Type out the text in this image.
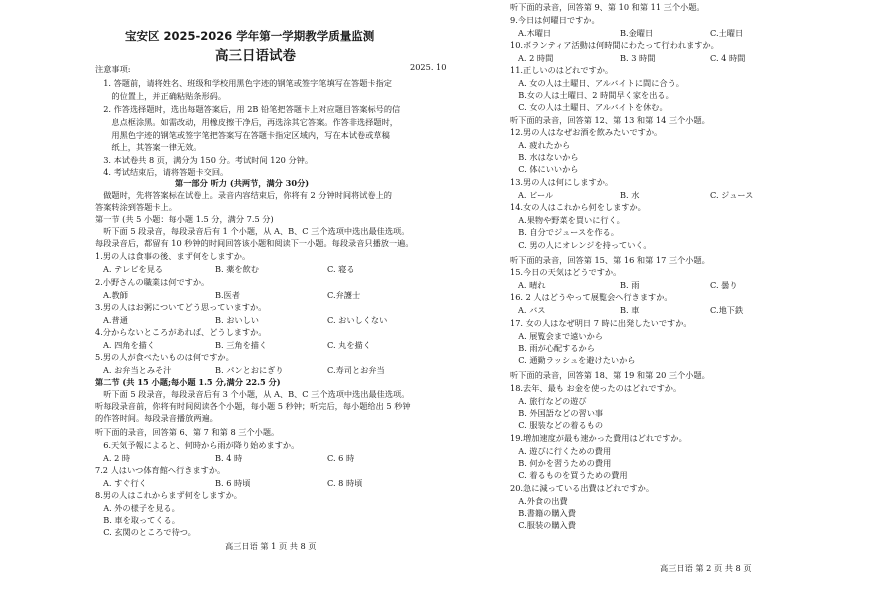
宝安区 2025-2026 学年第一学期教学质量监测
高三日语试卷
2025. 10
注意事项:
　1. 答题前，请将姓名、班级和学校用黑色字迹的钢笔或签字笔填写在答题卡指定
　　的位置上，并正确粘贴条形码。
　2. 作答选择题时，选出每题答案后，用 2B 铅笔把答题卡上对应题目答案标号的信
　　息点框涂黑。如需改动，用橡皮擦干净后，再选涂其它答案。作答非选择题时，
　　用黑色字迹的钢笔或签字笔把答案写在答题卡指定区域内，写在本试卷或草稿
　　纸上，其答案一律无效。
　3. 本试卷共 8 页，满分为 150 分。考试时间 120 分钟。
　4. 考试结束后，请将答题卡交回。
第一部分 听力 (共两节，满分 30分)
　做题时，先将答案标在试卷上。录音内容结束后，你将有 2 分钟时间将试卷上的
答案转涂到答题卡上。
第一节 (共 5 小题：每小题 1.5 分，满分 7.5 分)
　听下面 5 段录音，每段录音后有 1 个小题，从 A、B、C 三个选项中选出最佳选项。
每段录音后，都留有 10 秒钟的时间回答该小题和阅读下一小题。每段录音只播放一遍。
1.男の人は食事の後、まず何をしますか。
A. テレビを見る	B. 薬を飲む	C. 寝る
2.小野さんの職業は何ですか。
A.教師	B.医者	C.弁護士
3.男の人はお粥についてどう思っていますか。
A.普通	B. おいしい	C. おいしくない
4.分からないところがあれば、どうしますか。
A. 四角を描く	B. 三角を描く	C. 丸を描く
5.男の人が食べたいものは何ですか。
A. お弁当とみそ汁	B. パンとおにぎり	C.寿司とお弁当
第二节 (共 15 小题;每小题 1.5 分,满分 22.5 分)
　听下面 5 段录音，每段录音后有 3 个小题，从 A、B、C 三个选项中选出最佳选项。
听每段录音前，你将有时间阅读各个小题，每小题 5 秒钟；听完后，每小题给出 5 秒钟
的作答时间。每段录音播放两遍。
听下面的录音，回答第 6、第 7 和第 8 三个小题。
　6.天気予報によると、何時から雨が降り始めますか。
A. 2 時	B. 4 時	C. 6 時
7.2 人はいつ体育館へ行きますか。
A. すぐ行く	B. 6 時頃	C. 8 時頃
8.男の人はこれからまず何をしますか。
　A. 外の様子を見る。
　B. 車を取ってくる。
　C. 玄関のところで待つ。
高三日语 第 1 页 共 8 页
听下面的录音，回答第 9、第 10 和第 11 三个小题。
9.今日は何曜日ですか。
A.木曜日	B.金曜日	C.土曜日
10.ボランティア活動は何時間にわたって行われますか。
A. 2 時間	B. 3 時間	C. 4 時間
11.正しいのはどれですか。
　A. 女の人は土曜日、アルバイトに間に合う。
　B.女の人は土曜日、2 時間早く家を出る。
　C. 女の人は土曜日、アルバイトを休む。
听下面的录音，回答第 12、第 13 和第 14 三个小题。
12.男の人はなぜお酒を飲みたいですか。
　A. 疲れたから
　B. 水はないから
　C. 体にいいから
13.男の人は何にしますか。
A. ビール	B. 水	C. ジュース
14.女の人はこれから何をしますか。
　A.果物や野菜を買いに行く。
　B. 自分でジュースを作る。
　C. 男の人にオレンジを持っていく。
听下面的录音，回答第 15、第 16 和第 17 三个小题。
15.今日の天気はどうですか。
A. 晴れ	B. 雨	C. 曇り
16. 2 人はどうやって展覧会へ行きますか。
A. バス	B. 車	C.地下鉄
17. 女の人はなぜ明日 7 時に出発したいですか。
　A. 展覧会まで遠いから
　B. 雨が心配するから
　C. 通勤ラッシュを避けたいから
听下面的录音，回答第 18、第 19 和第 20 三个小题。
18.去年、最も お金を使ったのはどれですか。
　A. 旅行などの遊び
　B. 外国語などの習い事
　C. 服装などの着るもの
19.増加速度が最も速かった費用はどれですか。
　A. 遊びに行くための費用
　B. 何かを習うための費用
　C. 着るものを買うための費用
20.急に減っている出費はどれですか。
　A.外食の出費
　B.書籍の購入費
　C.服装の購入費
高三日语 第 2 页 共 8 页
